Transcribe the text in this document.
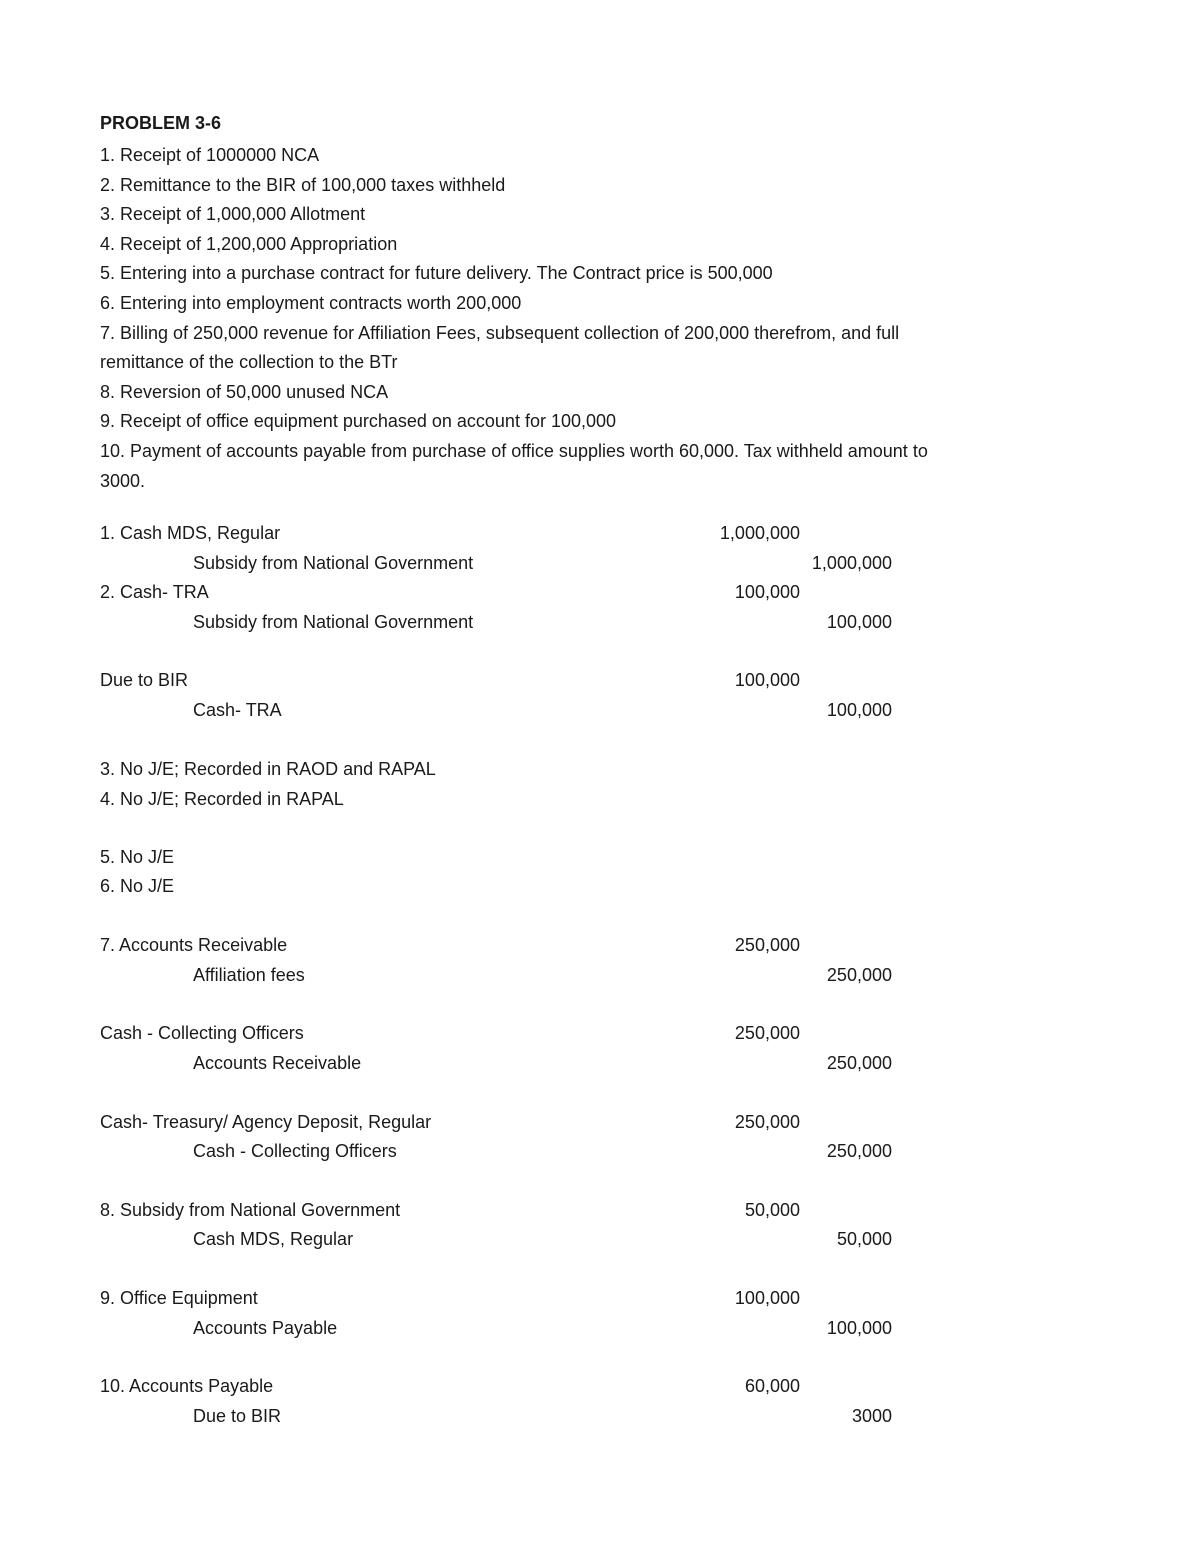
PROBLEM 3-6
1. Receipt of 1000000 NCA
2. Remittance to the BIR of 100,000 taxes withheld
3. Receipt of 1,000,000 Allotment
4. Receipt of 1,200,000 Appropriation
5. Entering into a purchase contract for future delivery. The Contract price is 500,000
6. Entering into employment contracts worth 200,000
7. Billing of 250,000 revenue for Affiliation Fees, subsequent collection of 200,000 therefrom, and full remittance of the collection to the BTr
8. Reversion of 50,000 unused NCA
9. Receipt of office equipment purchased on account for 100,000
10. Payment of accounts payable from purchase of office supplies worth 60,000. Tax withheld amount to 3000.
1. Cash MDS, Regular	1,000,000
Subsidy from National Government	1,000,000
2. Cash- TRA	100,000
Subsidy from National Government	100,000
Due to BIR	100,000
Cash- TRA	100,000
3. No J/E; Recorded in RAOD and RAPAL
4. No J/E; Recorded in RAPAL
5. No J/E
6. No J/E
7. Accounts Receivable	250,000
Affiliation fees	250,000
Cash - Collecting Officers	250,000
Accounts Receivable	250,000
Cash- Treasury/ Agency Deposit, Regular	250,000
Cash - Collecting Officers	250,000
8. Subsidy from National Government	50,000
Cash MDS, Regular	50,000
9. Office Equipment	100,000
Accounts Payable	100,000
10. Accounts Payable	60,000
Due to BIR	3000
